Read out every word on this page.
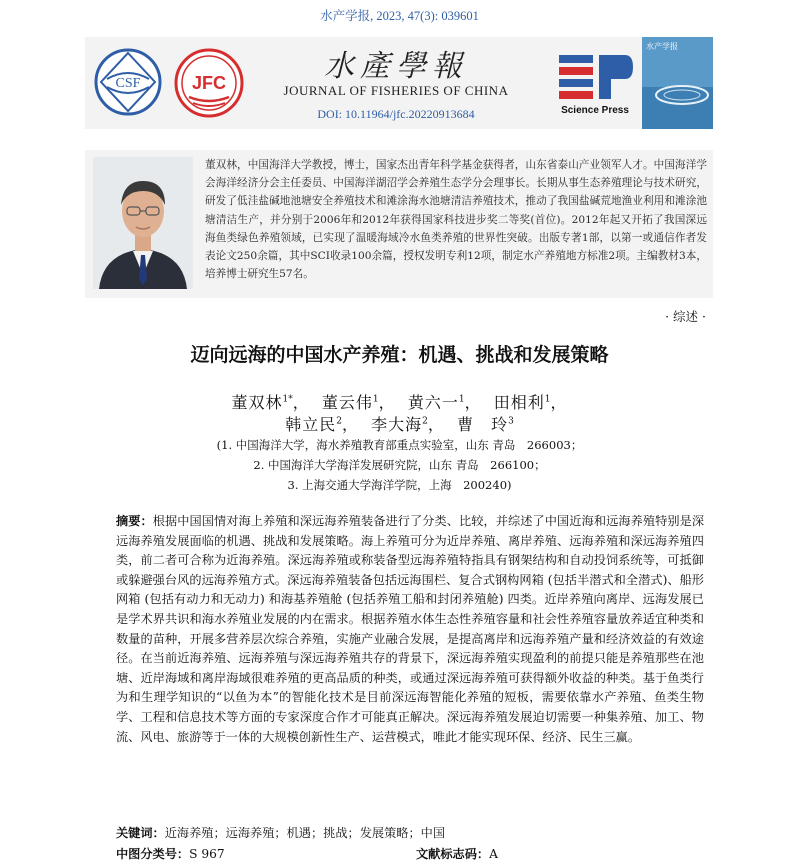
水产学报, 2023, 47(3): 039601
CSF	JFC	水產學報
JOURNAL OF FISHERIES OF CHINA
DOI: 10.11964/jfc.20220913684	Science Press
水产学报
董双林，中国海洋大学教授，博士，国家杰出青年科学基金获得者，山东省泰山产业领军人才。中国海洋学会海洋经济分会主任委员、中国海洋湖沼学会养殖生态学分会理事长。长期从事生态养殖理论与技术研究，研发了低洼盐碱地池塘安全养殖技术和滩涂海水池塘清洁养殖技术，推动了我国盐碱荒地渔业利用和滩涂池塘清洁生产，并分别于2006年和2012年获得国家科技进步奖二等奖(首位)。2012年起又开拓了我国深远海鱼类绿色养殖领域，已实现了温暖海域冷水鱼类养殖的世界性突破。出版专著1部，以第一或通信作者发表论文250余篇，其中SCI收录100余篇，授权发明专利12项，制定水产养殖地方标准2项。主编教材3本，培养博士研究生57名。
· 综述 ·
迈向远海的中国水产养殖：机遇、挑战和发展策略
董双林$^{1*}$，  董云伟$^1$，  黄六一$^1$，  田相利$^1$，
韩立民$^2$，  李大海$^2$，  曹　玲$^3$
(1. 中国海洋大学，海水养殖教育部重点实验室，山东 青岛　266003；
2. 中国海洋大学海洋发展研究院，山东 青岛　266100；
3. 上海交通大学海洋学院，上海　200240)
摘要：根据中国国情对海上养殖和深远海养殖装备进行了分类、比较，并综述了中国近海和远海养殖特别是深远海养殖发展面临的机遇、挑战和发展策略。海上养殖可分为近岸养殖、离岸养殖、远海养殖和深远海养殖四类，前二者可合称为近海养殖。深远海养殖或称装备型远海养殖特指具有钢架结构和自动投饲系统等，可抵御或躲避强台风的远海养殖方式。深远海养殖装备包括远海围栏、复合式钢构网箱 (包括半潜式和全潜式)、船形网箱 (包括有动力和无动力) 和海基养殖舱 (包括养殖工船和封闭养殖舱) 四类。近岸养殖向离岸、远海发展已是学术界共识和海水养殖业发展的内在需求。根据养殖水体生态性养殖容量和社会性养殖容量放养适宜种类和数量的苗种，开展多营养层次综合养殖，实施产业融合发展，是提高离岸和远海养殖产量和经济效益的有效途径。在当前近海养殖、远海养殖与深远海养殖共存的背景下，深远海养殖实现盈利的前提只能是养殖那些在池塘、近岸海域和离岸海域很难养殖的更高品质的种类，或通过深远海养殖可获得额外收益的种类。基于鱼类行为和生理学知识的“以鱼为本”的智能化技术是目前深远海智能化养殖的短板，需要依靠水产养殖、鱼类生物学、工程和信息技术等方面的专家深度合作才可能真正解决。深远海养殖发展迫切需要一种集养殖、加工、物流、风电、旅游等于一体的大规模创新性生产、运营模式，唯此才能实现环保、经济、民生三赢。
关键词：近海养殖；远海养殖；机遇；挑战；发展策略；中国
中图分类号：S 967	文献标志码：A
